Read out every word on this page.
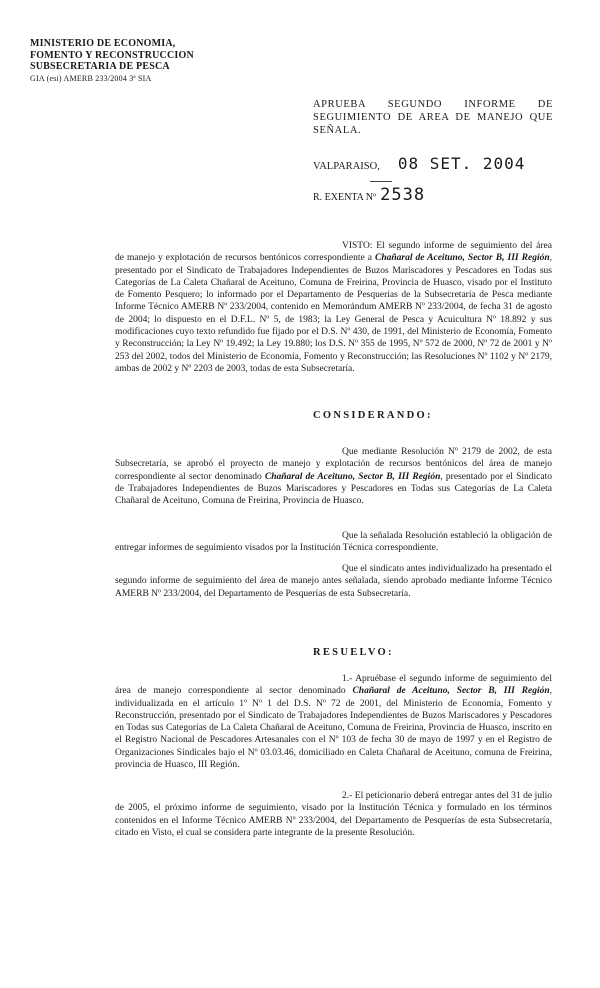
MINISTERIO DE ECONOMIA,
FOMENTO Y RECONSTRUCCION
SUBSECRETARIA DE PESCA
GIA (esi) AMERB 233/2004 3ª SIA
APRUEBA SEGUNDO INFORME DE SEGUIMIENTO DE AREA DE MANEJO QUE SEÑALA.
VALPARAISO, 08 SET. 2004
R. EXENTA Nº 2538
VISTO: El segundo informe de seguimiento del área de manejo y explotación de recursos bentónicos correspondiente a Chañaral de Aceituno, Sector B, III Región, presentado por el Sindicato de Trabajadores Independientes de Buzos Mariscadores y Pescadores en Todas sus Categorías de La Caleta Chañaral de Aceituno, Comuna de Freirina, Provincia de Huasco, visado por el Instituto de Fomento Pesquero; lo informado por el Departamento de Pesquerías de la Subsecretaría de Pesca mediante Informe Técnico AMERB Nº 233/2004, contenido en Memorándum AMERB Nº 233/2004, de fecha 31 de agosto de 2004; lo dispuesto en el D.F.L. Nº 5, de 1983; la Ley General de Pesca y Acuicultura Nº 18.892 y sus modificaciones cuyo texto refundido fue fijado por el D.S. Nº 430, de 1991, del Ministerio de Economía, Fomento y Reconstrucción; la Ley Nº 19.492; la Ley 19.880; los D.S. Nº 355 de 1995, Nº 572 de 2000, Nº 72 de 2001 y Nº 253 del 2002, todos del Ministerio de Economía, Fomento y Reconstrucción; las Resoluciones Nº 1102 y Nº 2179, ambas de 2002 y Nº 2203 de 2003, todas de esta Subsecretaría.
CONSIDERANDO:
Que mediante Resolución Nº 2179 de 2002, de esta Subsecretaría, se aprobó el proyecto de manejo y explotación de recursos bentónicos del área de manejo correspondiente al sector denominado Chañaral de Aceituno, Sector B, III Región, presentado por el Sindicato de Trabajadores Independientes de Buzos Mariscadores y Pescadores en Todas sus Categorías de La Caleta Chañaral de Aceituno, Comuna de Freirina, Provincia de Huasco.
Que la señalada Resolución estableció la obligación de entregar informes de seguimiento visados por la Institución Técnica correspondiente.
Que el sindicato antes individualizado ha presentado el segundo informe de seguimiento del área de manejo antes señalada, siendo aprobado mediante Informe Técnico AMERB Nº 233/2004, del Departamento de Pesquerías de esta Subsecretaría.
RESUELVO:
1.- Apruébase el segundo informe de seguimiento del área de manejo correspondiente al sector denominado Chañaral de Aceituno, Sector B, III Región, individualizada en el artículo 1º Nº 1 del D.S. Nº 72 de 2001, del Ministerio de Economía, Fomento y Reconstrucción, presentado por el Sindicato de Trabajadores Independientes de Buzos Mariscadores y Pescadores en Todas sus Categorías de La Caleta Chañaral de Aceituno, Comuna de Freirina, Provincia de Huasco, inscrito en el Registro Nacional de Pescadores Artesanales con el Nº 103 de fecha 30 de mayo de 1997 y en el Registro de Organizaciones Sindicales bajo el Nº 03.03.46, domiciliado en Caleta Chañaral de Aceituno, comuna de Freirina, provincia de Huasco, III Región.
2.- El peticionario deberá entregar antes del 31 de julio de 2005, el próximo informe de seguimiento, visado por la Institución Técnica y formulado en los términos contenidos en el Informe Técnico AMERB Nº 233/2004, del Departamento de Pesquerías de esta Subsecretaría, citado en Visto, el cual se considera parte integrante de la presente Resolución.
